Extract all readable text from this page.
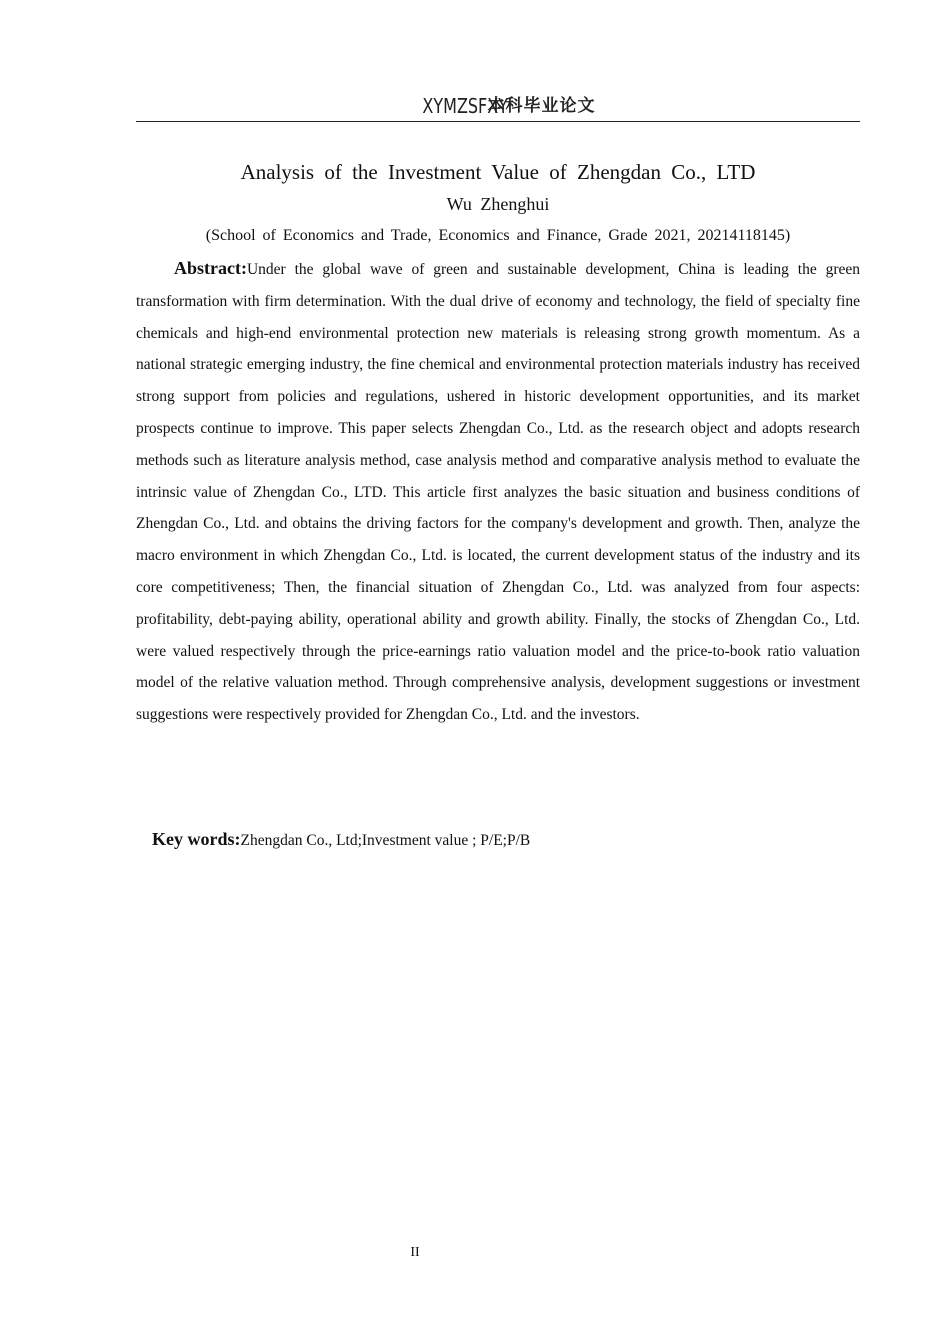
XYMZSFXY本科毕业论文
Analysis of the Investment Value of Zhengdan Co., LTD
Wu Zhenghui
(School of Economics and Trade, Economics and Finance, Grade 2021, 20214118145)

Abstract:Under the global wave of green and sustainable development, China is leading the green transformation with firm determination. With the dual drive of economy and technology, the field of specialty fine chemicals and high-end environmental protection new materials is releasing strong growth momentum. As a national strategic emerging industry, the fine chemical and environmental protection materials industry has received strong support from policies and regulations, ushered in historic development opportunities, and its market prospects continue to improve. This paper selects Zhengdan Co., Ltd. as the research object and adopts research methods such as literature analysis method, case analysis method and comparative analysis method to evaluate the intrinsic value of Zhengdan Co., LTD. This article first analyzes the basic situation and business conditions of Zhengdan Co., Ltd. and obtains the driving factors for the company's development and growth. Then, analyze the macro environment in which Zhengdan Co., Ltd. is located, the current development status of the industry and its core competitiveness; Then, the financial situation of Zhengdan Co., Ltd. was analyzed from four aspects: profitability, debt-paying ability, operational ability and growth ability. Finally, the stocks of Zhengdan Co., Ltd. were valued respectively through the price-earnings ratio valuation model and the price-to-book ratio valuation model of the relative valuation method. Through comprehensive analysis, development suggestions or investment suggestions were respectively provided for Zhengdan Co., Ltd. and the investors.

Key words:Zhengdan Co., Ltd;Investment value ; P/E;P/B
II
